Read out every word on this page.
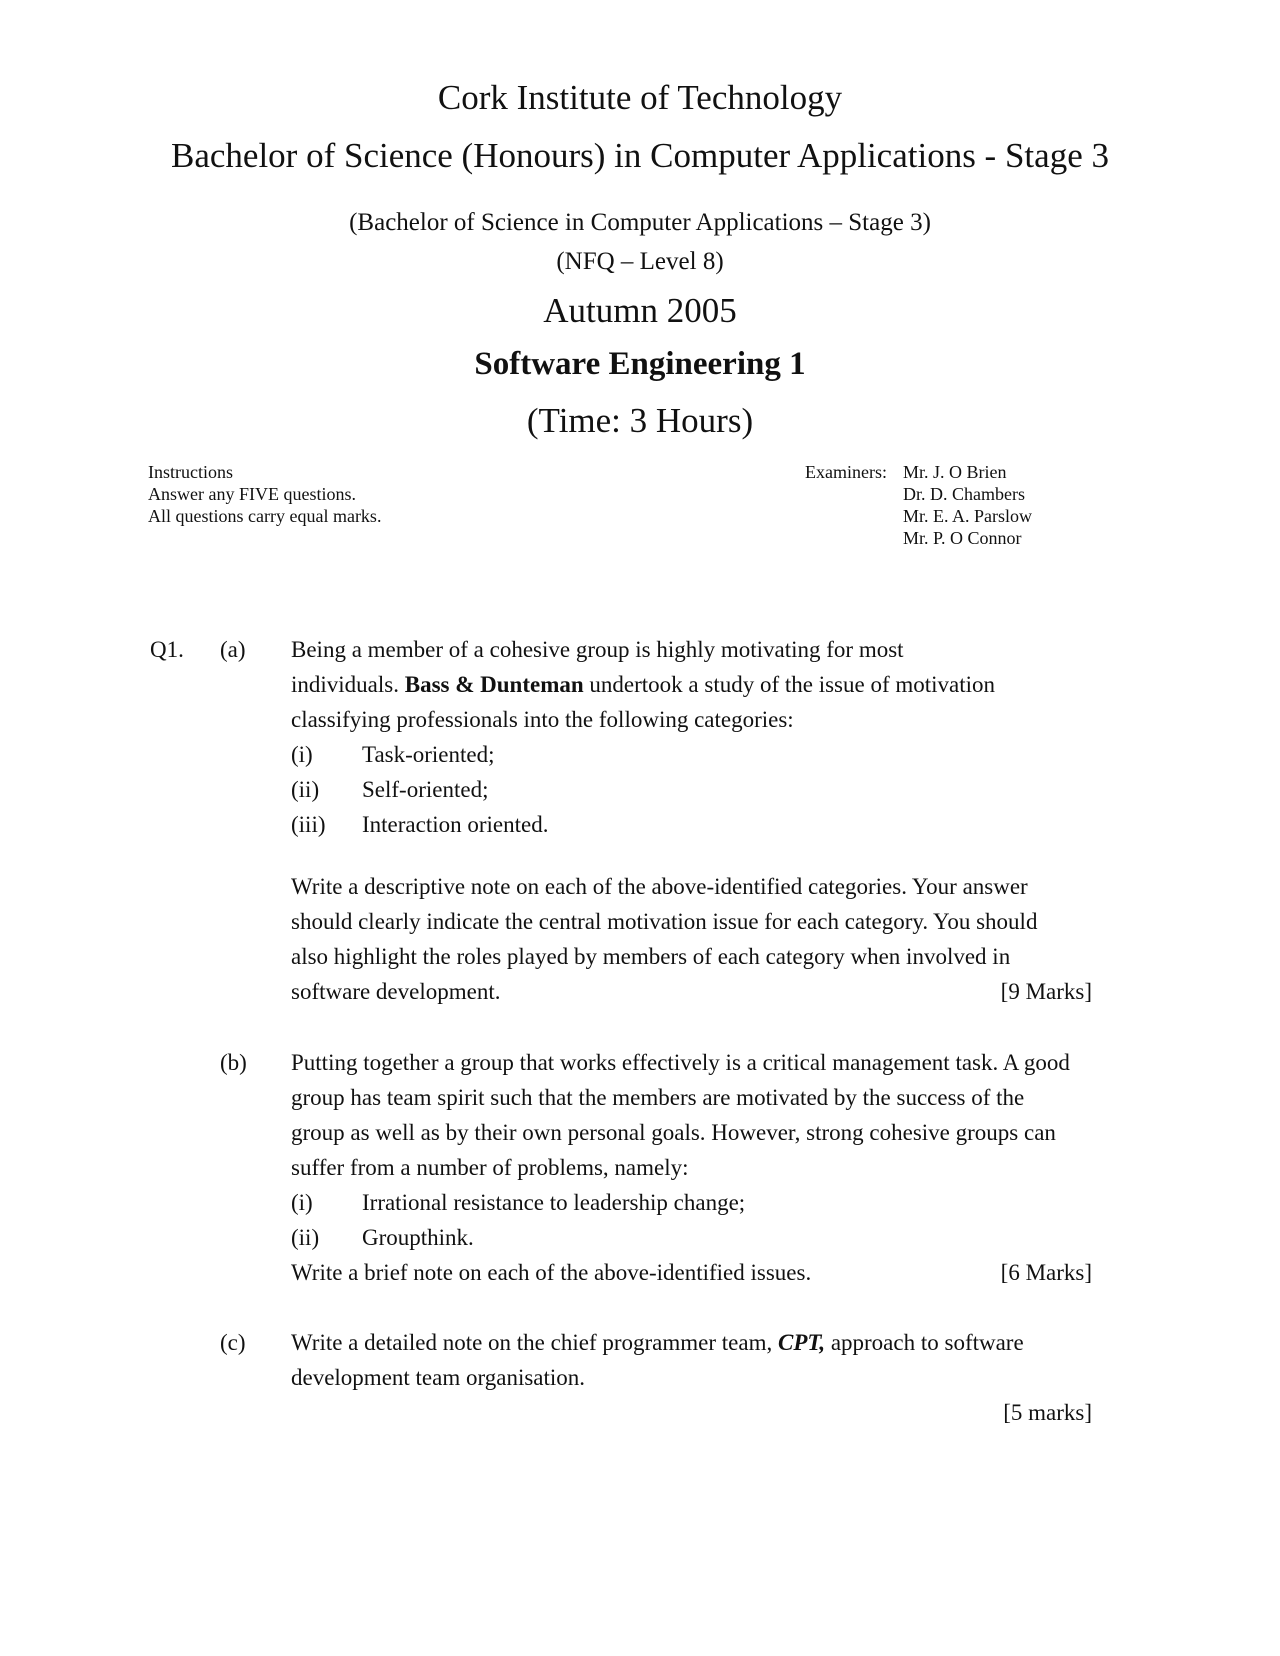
Cork Institute of Technology
Bachelor of Science (Honours) in Computer Applications - Stage 3
(Bachelor of Science in Computer Applications – Stage 3)
(NFQ – Level 8)
Autumn 2005
Software Engineering 1
(Time: 3 Hours)
Instructions
Answer any FIVE questions.
All questions carry equal marks.
Examiners: Mr. J. O Brien
Dr. D. Chambers
Mr. E. A. Parslow
Mr. P. O Connor
Q1. (a) Being a member of a cohesive group is highly motivating for most
individuals. Bass & Dunteman undertook a study of the issue of motivation
classifying professionals into the following categories:
(i) Task-oriented;
(ii) Self-oriented;
(iii) Interaction oriented.
Write a descriptive note on each of the above-identified categories. Your answer
should clearly indicate the central motivation issue for each category. You should
also highlight the roles played by members of each category when involved in
software development.	[9 Marks]
(b) Putting together a group that works effectively is a critical management task. A good
group has team spirit such that the members are motivated by the success of the
group as well as by their own personal goals. However, strong cohesive groups can
suffer from a number of problems, namely:
(i) Irrational resistance to leadership change;
(ii) Groupthink.
Write a brief note on each of the above-identified issues.	[6 Marks]
(c) Write a detailed note on the chief programmer team, CPT, approach to software
development team organisation.
[5 marks]
